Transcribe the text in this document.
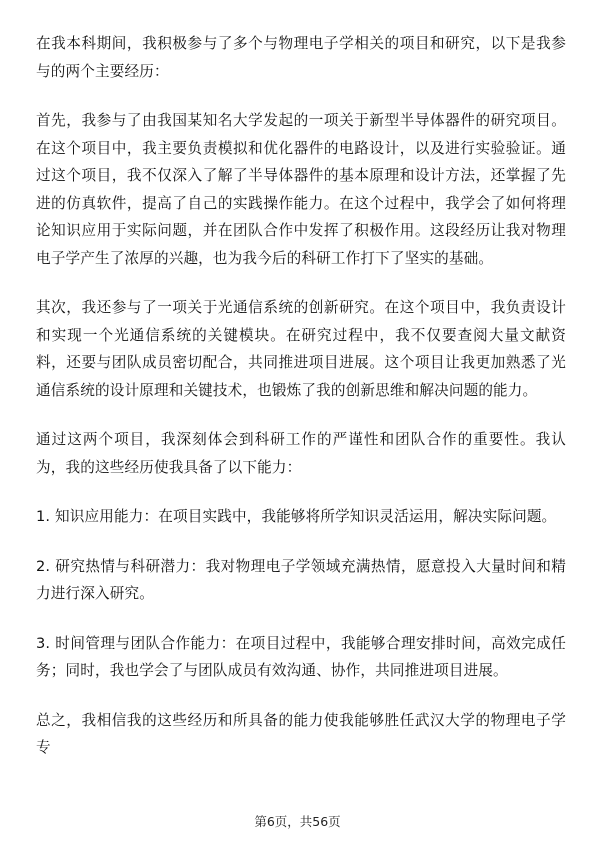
在我本科期间，我积极参与了多个与物理电子学相关的项目和研究，以下是我参与的两个主要经历：

首先，我参与了由我国某知名大学发起的一项关于新型半导体器件的研究项目。在这个项目中，我主要负责模拟和优化器件的电路设计，以及进行实验验证。通过这个项目，我不仅深入了解了半导体器件的基本原理和设计方法，还掌握了先进的仿真软件，提高了自己的实践操作能力。在这个过程中，我学会了如何将理论知识应用于实际问题，并在团队合作中发挥了积极作用。这段经历让我对物理电子学产生了浓厚的兴趣，也为我今后的科研工作打下了坚实的基础。

其次，我还参与了一项关于光通信系统的创新研究。在这个项目中，我负责设计和实现一个光通信系统的关键模块。在研究过程中，我不仅要查阅大量文献资料，还要与团队成员密切配合，共同推进项目进展。这个项目让我更加熟悉了光通信系统的设计原理和关键技术，也锻炼了我的创新思维和解决问题的能力。

通过这两个项目，我深刻体会到科研工作的严谨性和团队合作的重要性。我认为，我的这些经历使我具备了以下能力：

1. 知识应用能力：在项目实践中，我能够将所学知识灵活运用，解决实际问题。

2. 研究热情与科研潜力：我对物理电子学领域充满热情，愿意投入大量时间和精力进行深入研究。

3. 时间管理与团队合作能力：在项目过程中，我能够合理安排时间，高效完成任务；同时，我也学会了与团队成员有效沟通、协作，共同推进项目进展。

总之，我相信我的这些经历和所具备的能力使我能够胜任武汉大学的物理电子学专

第6页，共56页
